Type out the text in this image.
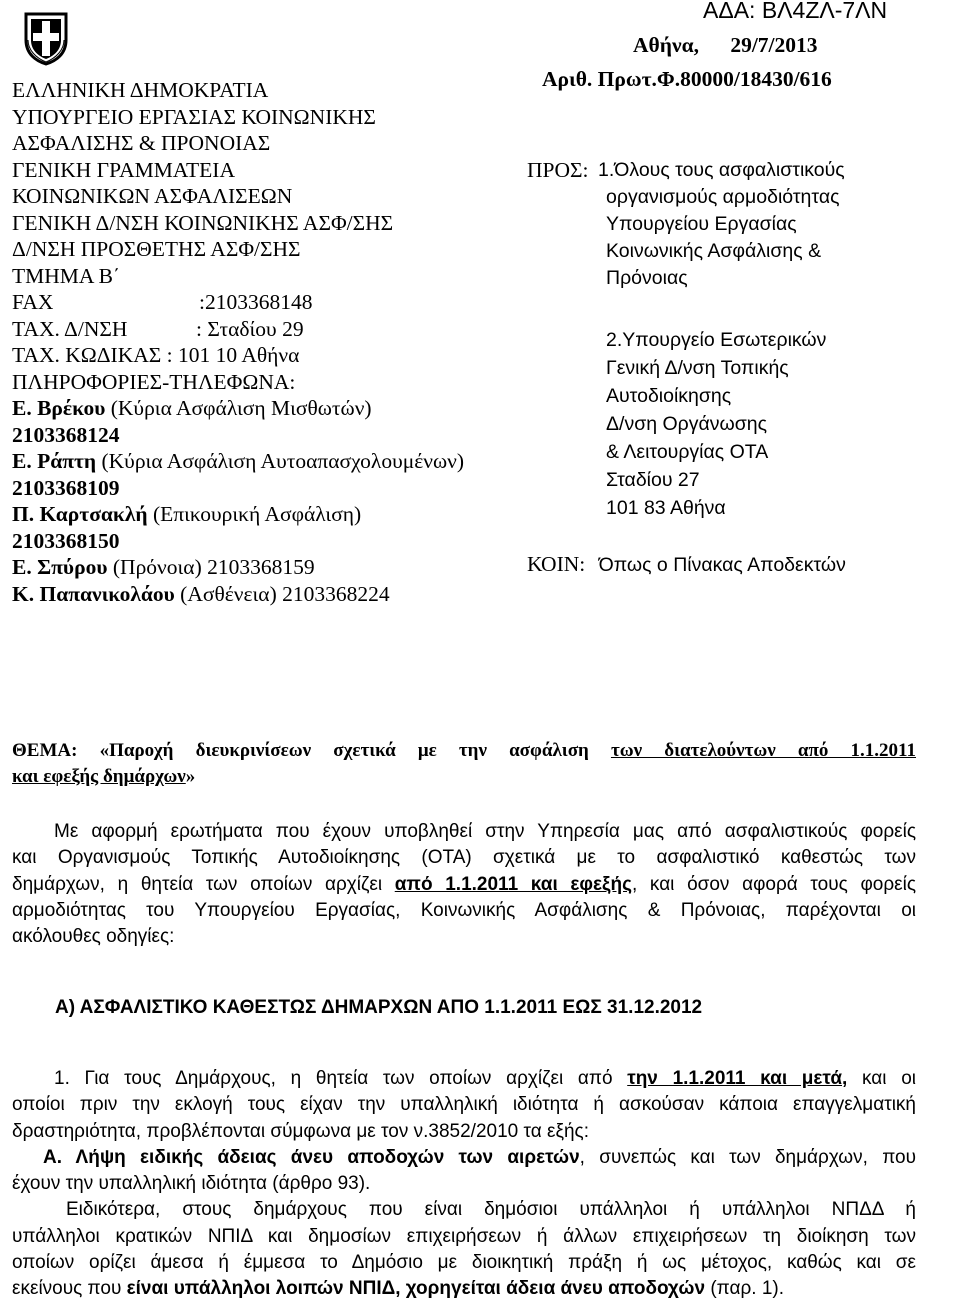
ΑΔΑ: ΒΛ4ΖΛ-7ΛΝ
ΕΛΛΗΝΙΚΗ ΔΗΜΟΚΡΑΤΙΑ
ΥΠΟΥΡΓΕΙΟ ΕΡΓΑΣΙΑΣ ΚΟΙΝΩΝΙΚΗΣ
ΑΣΦΑΛΙΣΗΣ & ΠΡΟΝΟΙΑΣ
ΓΕΝΙΚΗ ΓΡΑΜΜΑΤΕΙΑ
ΚΟΙΝΩΝΙΚΩΝ ΑΣΦΑΛΙΣΕΩΝ
ΓΕΝΙΚΗ Δ/ΝΣΗ ΚΟΙΝΩΝΙΚΗΣ ΑΣΦ/ΣΗΣ
Δ/ΝΣΗ ΠΡΟΣΘΕΤΗΣ ΑΣΦ/ΣΗΣ
ΤΜΗΜΑ Β΄
FAX	:2103368148
ΤΑΧ. Δ/ΝΣΗ	: Σταδίου 29
ΤΑΧ. ΚΩΔΙΚΑΣ : 101 10 Αθήνα
ΠΛΗΡΟΦΟΡΙΕΣ-ΤΗΛΕΦΩΝΑ:
Ε. Βρέκου (Κύρια Ασφάλιση Μισθωτών)
2103368124
Ε. Ράπτη (Κύρια Ασφάλιση Αυτοαπασχολουμένων)
2103368109
Π. Καρτσακλή (Επικουρική Ασφάλιση)
2103368150
Ε. Σπύρου (Πρόνοια) 2103368159
Κ. Παπανικολάου (Ασθένεια) 2103368224
Αθήνα, 29/7/2013
Αριθ. Πρωτ.Φ.80000/18430/616
ΠΡΟΣ: 1.Όλους τους ασφαλιστικούς
οργανισμούς αρμοδιότητας
Υπουργείου Εργασίας
Κοινωνικής Ασφάλισης &
Πρόνοιας
2.Υπουργείο Εσωτερικών
Γενική Δ/νση Τοπικής
Αυτοδιοίκησης
Δ/νση Οργάνωσης
& Λειτουργίας ΟΤΑ
Σταδίου 27
101 83 Αθήνα
ΚΟΙΝ: Όπως ο Πίνακας Αποδεκτών
ΘΕΜΑ: «Παροχή διευκρινίσεων σχετικά με την ασφάλιση των διατελούντων από 1.1.2011
και εφεξής δημάρχων»
Με αφορμή ερωτήματα που έχουν υποβληθεί στην Υπηρεσία μας από ασφαλιστικούς φορείς
και Οργανισμούς Τοπικής Αυτοδιοίκησης (ΟΤΑ) σχετικά με το ασφαλιστικό καθεστώς των
δημάρχων, η θητεία των οποίων αρχίζει από 1.1.2011 και εφεξής, και όσον αφορά τους φορείς
αρμοδιότητας του Υπουργείου Εργασίας, Κοινωνικής Ασφάλισης & Πρόνοιας, παρέχονται οι
ακόλουθες οδηγίες:
Α) ΑΣΦΑΛΙΣΤΙΚΟ ΚΑΘΕΣΤΩΣ ΔΗΜΑΡΧΩΝ ΑΠΟ 1.1.2011 ΕΩΣ 31.12.2012
1. Για τους Δημάρχους, η θητεία των οποίων αρχίζει από την 1.1.2011 και μετά, και οι
οποίοι πριν την εκλογή τους είχαν την υπαλληλική ιδιότητα ή ασκούσαν κάποια επαγγελματική
δραστηριότητα, προβλέπονται σύμφωνα με τον ν.3852/2010 τα εξής:
Α. Λήψη ειδικής άδειας άνευ αποδοχών των αιρετών, συνεπώς και των δημάρχων, που
έχουν την υπαλληλική ιδιότητα (άρθρο 93).
Ειδικότερα, στους δημάρχους που είναι δημόσιοι υπάλληλοι ή υπάλληλοι ΝΠΔΔ ή
υπάλληλοι κρατικών ΝΠΙΔ και δημοσίων επιχειρήσεων ή άλλων επιχειρήσεων τη διοίκηση των
οποίων ορίζει άμεσα ή έμμεσα το Δημόσιο με διοικητική πράξη ή ως μέτοχος, καθώς και σε
εκείνους που είναι υπάλληλοι λοιπών ΝΠΙΔ, χορηγείται άδεια άνευ αποδοχών (παρ. 1).
